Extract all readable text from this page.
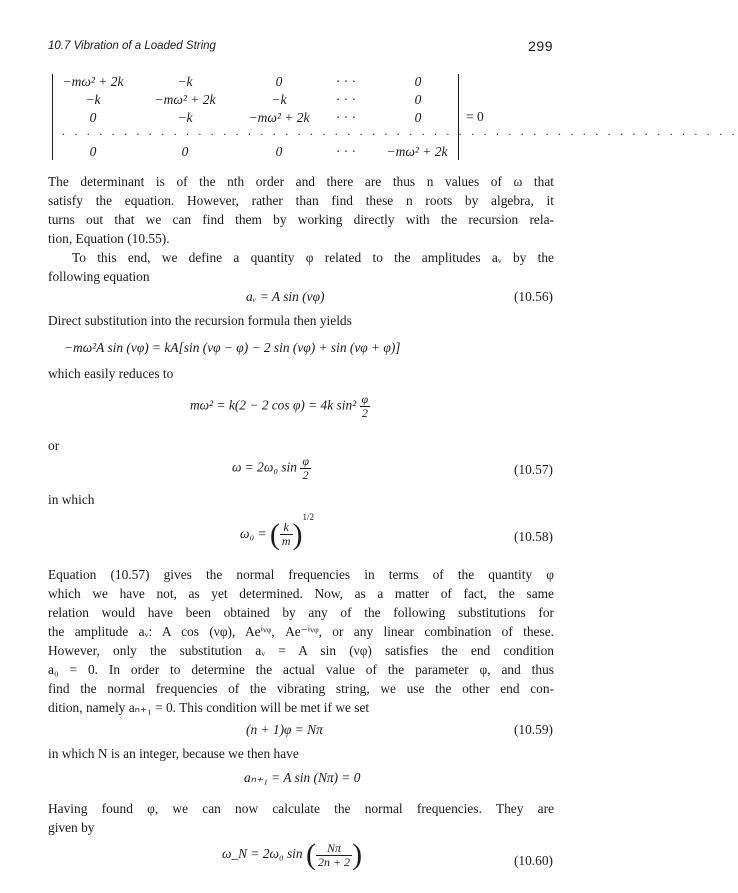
10.7 Vibration of a Loaded String	299
−mω² + 2k	−k	0	· · ·	0
−k	−mω² + 2k	−k	· · ·	0
0	−k	−mω² + 2k	· · ·	0
. . . . . . . . . . . . . . . . . . . . . . . . . . . . . . . . . . . . . . . . . . . . . . . . . . . . . . .
0	0	0	· · ·	−mω² + 2k
= 0
The determinant is of the nth order and there are thus n values of ω that
satisfy the equation. However, rather than find these n roots by algebra, it
turns out that we can find them by working directly with the recursion rela-
tion, Equation (10.55).
To this end, we define a quantity φ related to the amplitudes aᵥ by the
following equation
aᵥ = A sin (νφ)	(10.56)
Direct substitution into the recursion formula then yields
−mω²A sin (νφ) = kA[sin (νφ − φ) − 2 sin (νφ) + sin (νφ + φ)]
which easily reduces to
mω² = k(2 − 2 cos φ) = 4k $\sin^2 \frac{\varphi}{2}$
or
ω = 2ω₀ $\sin \frac{\varphi}{2}$	(10.57)
in which
ω₀ = ( $\frac{k}{m} )^{1/2}$
(10.58)
Equation (10.57) gives the normal frequencies in terms of the quantity φ
which we have not, as yet determined. Now, as a matter of fact, the same
relation would have been obtained by any of the following substitutions for
the amplitude aᵥ: A cos (νφ), Aeⁱᵛᵠ, Ae⁻ⁱᵛᵠ, or any linear combination of these.
However, only the substitution aᵥ = A sin (νφ) satisfies the end condition
a₀ = 0. In order to determine the actual value of the parameter φ, and thus
find the normal frequencies of the vibrating string, we use the other end con-
dition, namely aₙ₊₁ = 0. This condition will be met if we set
(n + 1)φ = Nπ	(10.59)
in which N is an integer, because we then have
aₙ₊₁ = A sin (Nπ) = 0
Having found φ, we can now calculate the normal frequencies. They are
given by
ω_N = 2ω₀ sin ( $\frac{N\pi}{2n + 2}$ )	(10.60)
